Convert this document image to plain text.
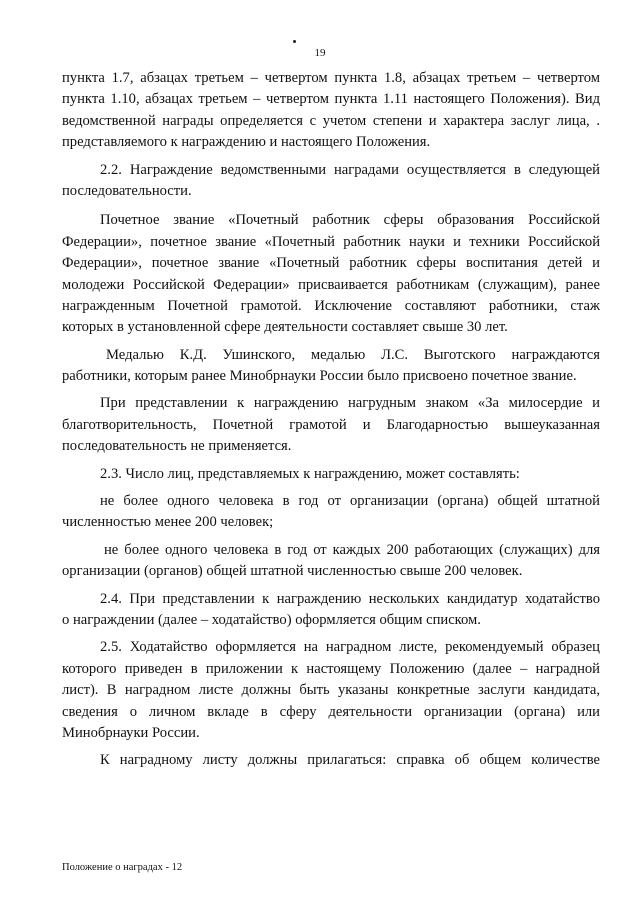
19
пункта 1.7, абзацах третьем – четвертом пункта 1.8, абзацах третьем – четвертом
пункта 1.10, абзацах третьем – четвертом пункта 1.11 настоящего Положения). Вид
ведомственной награды определяется с учетом степени и характера заслуг лица, .
представляемого к награждению и настоящего Положения.
2.2. Награждение ведомственными наградами осуществляется в следующей
последовательности.
Почетное звание «Почетный работник сферы образования Российской
Федерации», почетное звание «Почетный работник науки и техники Российской
Федерации», почетное звание «Почетный работник сферы воспитания детей и
молодежи Российской Федерации» присваивается работникам (служащим), ранее
награжденным Почетной грамотой. Исключение составляют работники, стаж
которых в установленной сфере деятельности составляет свыше 30 лет.
Медалью К.Д. Ушинского, медалью Л.С. Выготского награждаются
работники, которым ранее Минобрнауки России было присвоено почетное звание.
При представлении к награждению нагрудным знаком «За милосердие и
благотворительность, Почетной грамотой и Благодарностью вышеуказанная
последовательность не применяется.
2.3. Число лиц, представляемых к награждению, может составлять:
не более одного человека в год от организации (органа) общей штатной
численностью менее 200 человек;
не более одного человека в год от каждых 200 работающих (служащих) для
организации (органов) общей штатной численностью свыше 200 человек.
2.4. При представлении к награждению нескольких кандидатур ходатайство
о награждении (далее – ходатайство) оформляется общим списком.
2.5. Ходатайство оформляется на наградном листе, рекомендуемый образец
которого приведен в приложении к настоящему Положению (далее – наградной
лист). В наградном листе должны быть указаны конкретные заслуги кандидата,
сведения о личном вкладе в сферу деятельности организации (органа) или
Минобрнауки России.
К наградному листу должны прилагаться: справка об общем количестве
Положение о наградах - 12
